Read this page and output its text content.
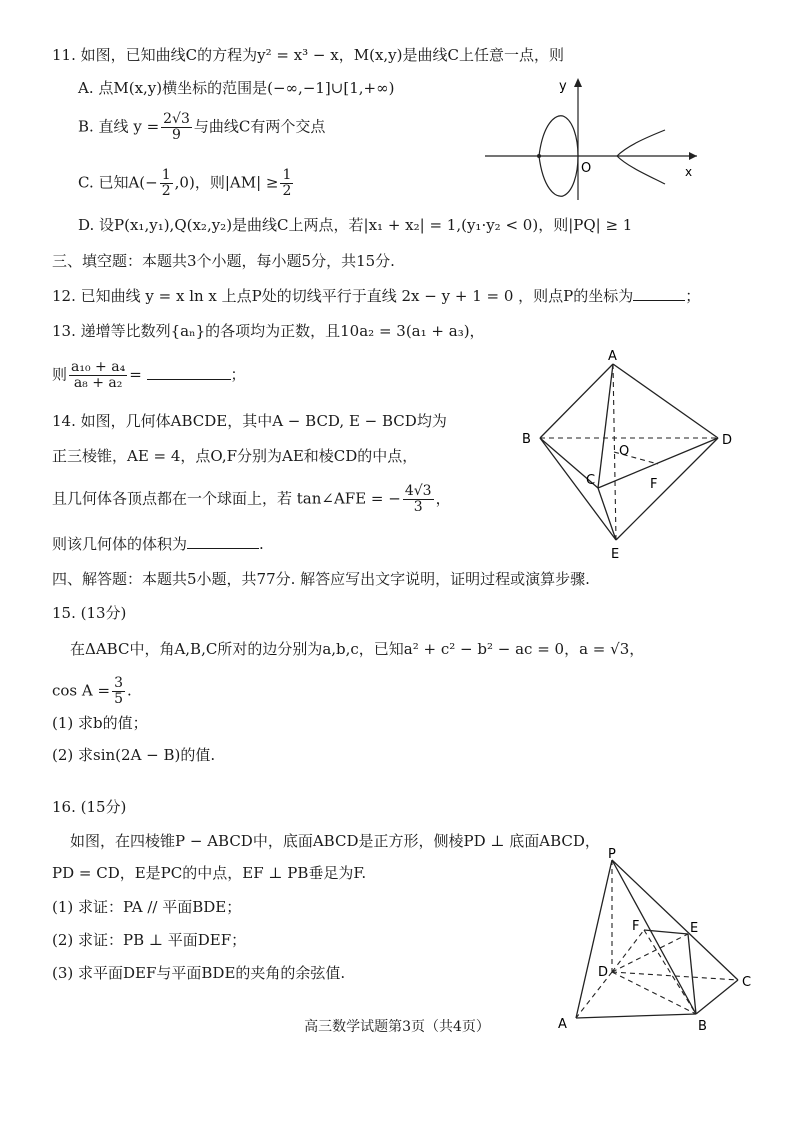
11. 如图，已知曲线C的方程为y² = x³ − x，M(x,y)是曲线C上任意一点，则
A. 点M(x,y)横坐标的范围是(−∞,−1]∪[1,+∞)
B. 直线 $y = \frac{2√3}{9}$ 与曲线C有两个交点
C. 已知$A(- \frac{1}{2} ,0)$，则$|AM| \ge \frac{1}{2}$
D. 设P(x₁,y₁),Q(x₂,y₂)是曲线C上两点，若|x₁ + x₂| = 1,(y₁·y₂ < 0)，则|PQ| ≥ 1
y
O	x
三、填空题：本题共3个小题，每小题5分，共15分.
12. 已知曲线 y = x ln x 上点P处的切线平行于直线 2x − y + 1 = 0 ，则点P的坐标为	；
13. 递增等比数列{aₙ}的各项均为正数，且10a₂ = 3(a₁ + a₃)，
则 $\frac{\text{a₁₀ + a₄}}{\text{a₈ + a₂}}$ =	；
14. 如图，几何体ABCDE，其中A − BCD, E − BCD均为
正三棱锥，AE = 4，点O,F分别为AE和棱CD的中点，
且几何体各顶点都在一个球面上，若 tan∠AFE = − $\frac{4√3}{3}$ ，
则该几何体的体积为	.
A
B	D
C
O
F
E
四、解答题：本题共5小题，共77分. 解答应写出文字说明，证明过程或演算步骤.
15. (13分)
在ΔABC中，角A,B,C所对的边分别为a,b,c，已知a² + c² − b² − ac = 0，a = √3，
$\cos A = \frac{3}{5}$ .
(1) 求b的值；
(2) 求sin(2A − B)的值.
16. (15分)
如图，在四棱锥P − ABCD中，底面ABCD是正方形，侧棱PD ⊥ 底面ABCD，
PD = CD，E是PC的中点，EF ⊥ PB垂足为F.
(1) 求证：PA // 平面BDE；
(2) 求证：PB ⊥ 平面DEF；
(3) 求平面DEF与平面BDE的夹角的余弦值.
P
A	B
C
D
E
F
高三数学试题第3页（共4页）
